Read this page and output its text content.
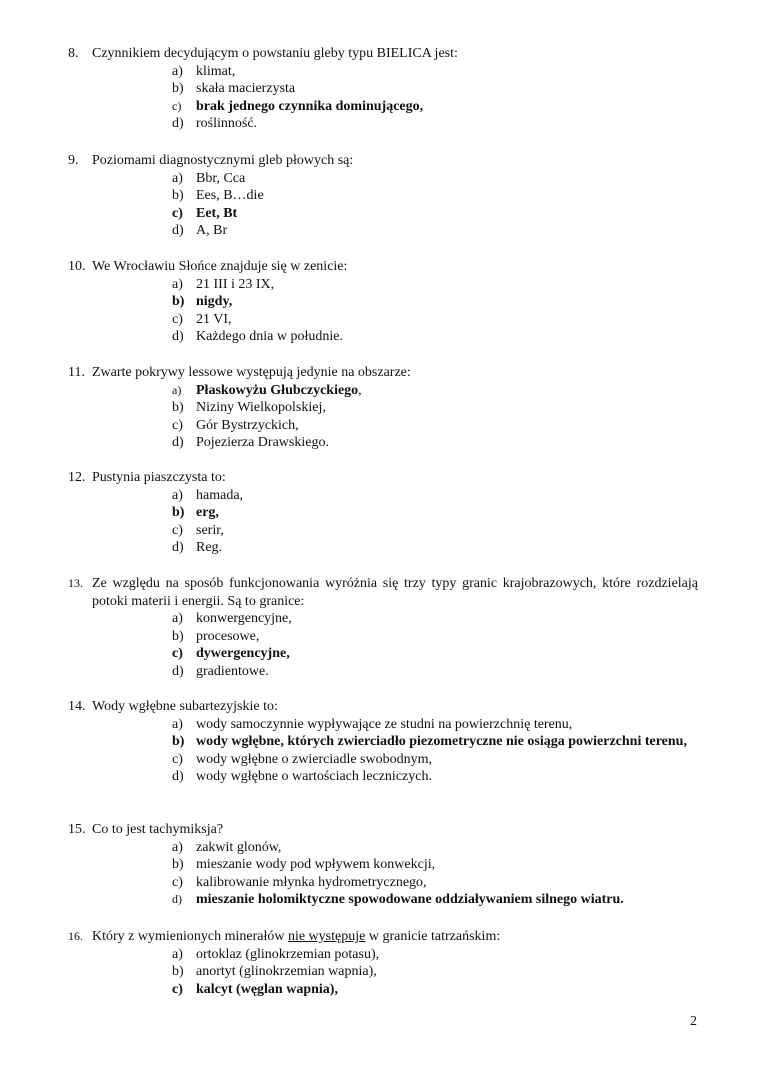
8. Czynnikiem decydującym o powstaniu gleby typu BIELICA jest:
a) klimat,
b) skała macierzysta
c)	brak jednego czynnika dominującego,
d) roślinność.
9. Poziomami diagnostycznymi gleb płowych są:
a) Bbr, Cca
b) Ees, B…die
c) Eet, Bt
d) A, Br
10. We Wrocławiu Słońce znajduje się w zenicie:
a) 21 III i 23 IX,
b) nigdy,
c) 21 VI,
d) Każdego dnia w południe.
11. Zwarte pokrywy lessowe występują jedynie na obszarze:
a)	Płaskowyżu Głubczyckiego,
b) Niziny Wielkopolskiej,
c) Gór Bystrzyckich,
d) Pojezierza Drawskiego.
12. Pustynia piaszczysta to:
a) hamada,
b) erg,
c) serir,
d) Reg.
13. Ze względu na sposób funkcjonowania wyróżnia się trzy typy granic krajobrazowych, które rozdzielają potoki materii i energii. Są to granice:
a) konwergencyjne,
b) procesowe,
c) dywergencyjne,
d) gradientowe.
14. Wody wgłębne subartezyjskie to:
a) wody samoczynnie wypływające ze studni na powierzchnię terenu,
b) wody wgłębne, których zwierciadło piezometryczne nie osiąga powierzchni terenu,
c) wody wgłębne o zwierciadle swobodnym,
d) wody wgłębne o wartościach leczniczych.
15. Co to jest tachymiksja?
a) zakwit glonów,
b) mieszanie wody pod wpływem konwekcji,
c) kalibrowanie młynka hydrometrycznego,
d)	mieszanie holomiktyczne spowodowane oddziaływaniem silnego wiatru.
16. Który z wymienionych minerałów nie występuje w granicie tatrzańskim:
a) ortoklaz (glinokrzemian potasu),
b) anortyt (glinokrzemian wapnia),
c) kalcyt (węglan wapnia),
2
